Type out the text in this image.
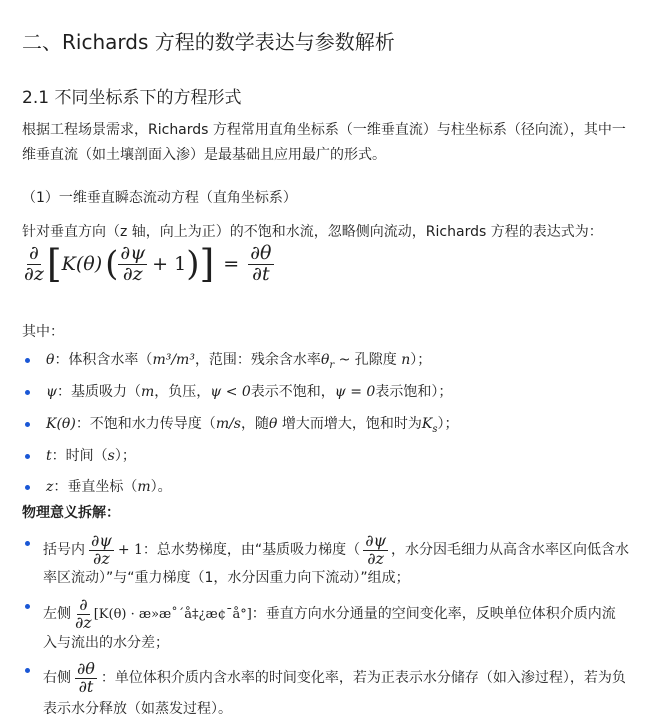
二、Richards 方程的数学表达与参数解析
2.1 不同坐标系下的方程形式
根据工程场景需求，Richards 方程常用直角坐标系（一维垂直流）与柱坐标系（径向流），其中一
维垂直流（如土壤剖面入渗）是最基础且应用最广的形式。
（1）一维垂直瞬态流动方程（直角坐标系）
针对垂直方向（z 轴，向上为正）的不饱和水流，忽略侧向流动，Richards 方程的表达式为：
$\frac{\partial}{\partial z}$ [ K(θ) ( $\frac{\partial\psi}{\partial z} + 1$ ) ] = $\frac{\partial\theta}{\partial t}$
其中：
θ：体积含水率（m³/m³，范围：残余含水率$\theta_r$ ~ 孔隙度 n）；
ψ：基质吸力（m，负压，ψ < 0表示不饱和，ψ = 0表示饱和）；
K(θ)：不饱和水力传导度（m/s，随θ 增大而增大，饱和时为$K_s$）；
t：时间（s）；
z：垂直坐标（m）。
物理意义拆解：
括号内 $\frac{\partial\psi}{\partial z} + 1$ ：总水势梯度，由“基质吸力梯度（ $\frac{\partial\psi}{\partial z}$ ，水分因毛细力从高含水率区向低含水
率区流动）”与“重力梯度（1，水分因重力向下流动）”组成；
左侧 $\frac{\partial}{\partial z} [K(\theta)$ · æ»æ˚´å‡¿æ¢¯å°] ：垂直方向水分通量的空间变化率，反映单位体积介质内流
入与流出的水分差；
右侧 $\frac{\partial\theta}{\partial t}$ ：单位体积介质内含水率的时间变化率，若为正表示水分储存（如入渗过程），若为负
表示水分释放（如蒸发过程）。
